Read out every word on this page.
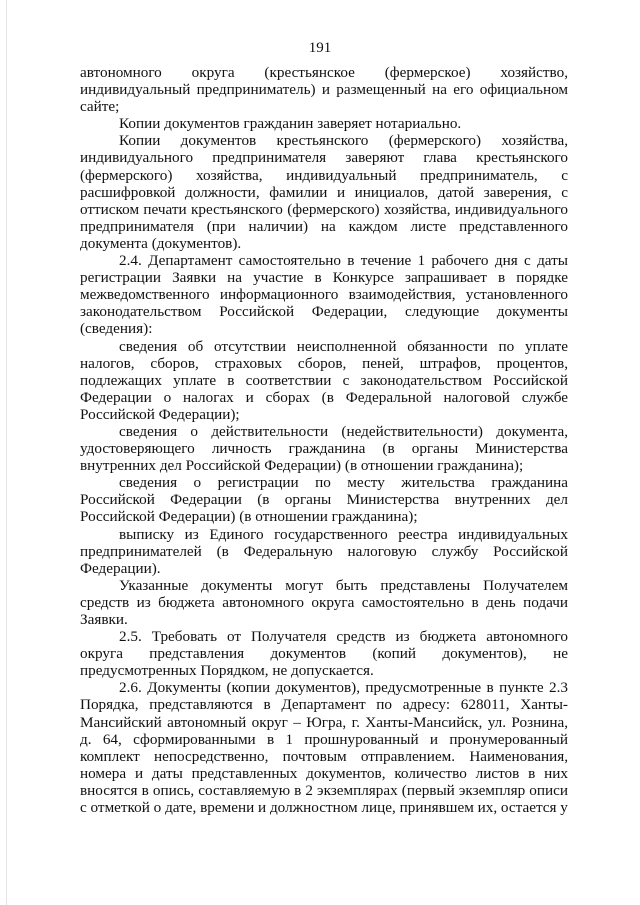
191

автономного округа (крестьянское (фермерское) хозяйство, индивидуальный предприниматель) и размещенный на его официальном сайте;

Копии документов гражданин заверяет нотариально.

Копии документов крестьянского (фермерского) хозяйства, индивидуального предпринимателя заверяют глава крестьянского (фермерского) хозяйства, индивидуальный предприниматель, с расшифровкой должности, фамилии и инициалов, датой заверения, с оттиском печати крестьянского (фермерского) хозяйства, индивидуального предпринимателя (при наличии) на каждом листе представленного документа (документов).

2.4. Департамент самостоятельно в течение 1 рабочего дня с даты регистрации Заявки на участие в Конкурсе запрашивает в порядке межведомственного информационного взаимодействия, установленного законодательством Российской Федерации, следующие документы (сведения):

сведения об отсутствии неисполненной обязанности по уплате налогов, сборов, страховых сборов, пеней, штрафов, процентов, подлежащих уплате в соответствии с законодательством Российской Федерации о налогах и сборах (в Федеральной налоговой службе Российской Федерации);

сведения о действительности (недействительности) документа, удостоверяющего личность гражданина (в органы Министерства внутренних дел Российской Федерации) (в отношении гражданина);

сведения о регистрации по месту жительства гражданина Российской Федерации (в органы Министерства внутренних дел Российской Федерации) (в отношении гражданина);

выписку из Единого государственного реестра индивидуальных предпринимателей (в Федеральную налоговую службу Российской Федерации).

Указанные документы могут быть представлены Получателем средств из бюджета автономного округа самостоятельно в день подачи Заявки.

2.5. Требовать от Получателя средств из бюджета автономного округа представления документов (копий документов), не предусмотренных Порядком, не допускается.

2.6. Документы (копии документов), предусмотренные в пункте 2.3 Порядка, представляются в Департамент по адресу: 628011, Ханты-Мансийский автономный округ – Югра, г. Ханты-Мансийск, ул. Рознина, д. 64, сформированными в 1 прошнурованный и пронумерованный комплект непосредственно, почтовым отправлением. Наименования, номера и даты представленных документов, количество листов в них вносятся в опись, составляемую в 2 экземплярах (первый экземпляр описи с отметкой о дате, времени и должностном лице, принявшем их, остается у
